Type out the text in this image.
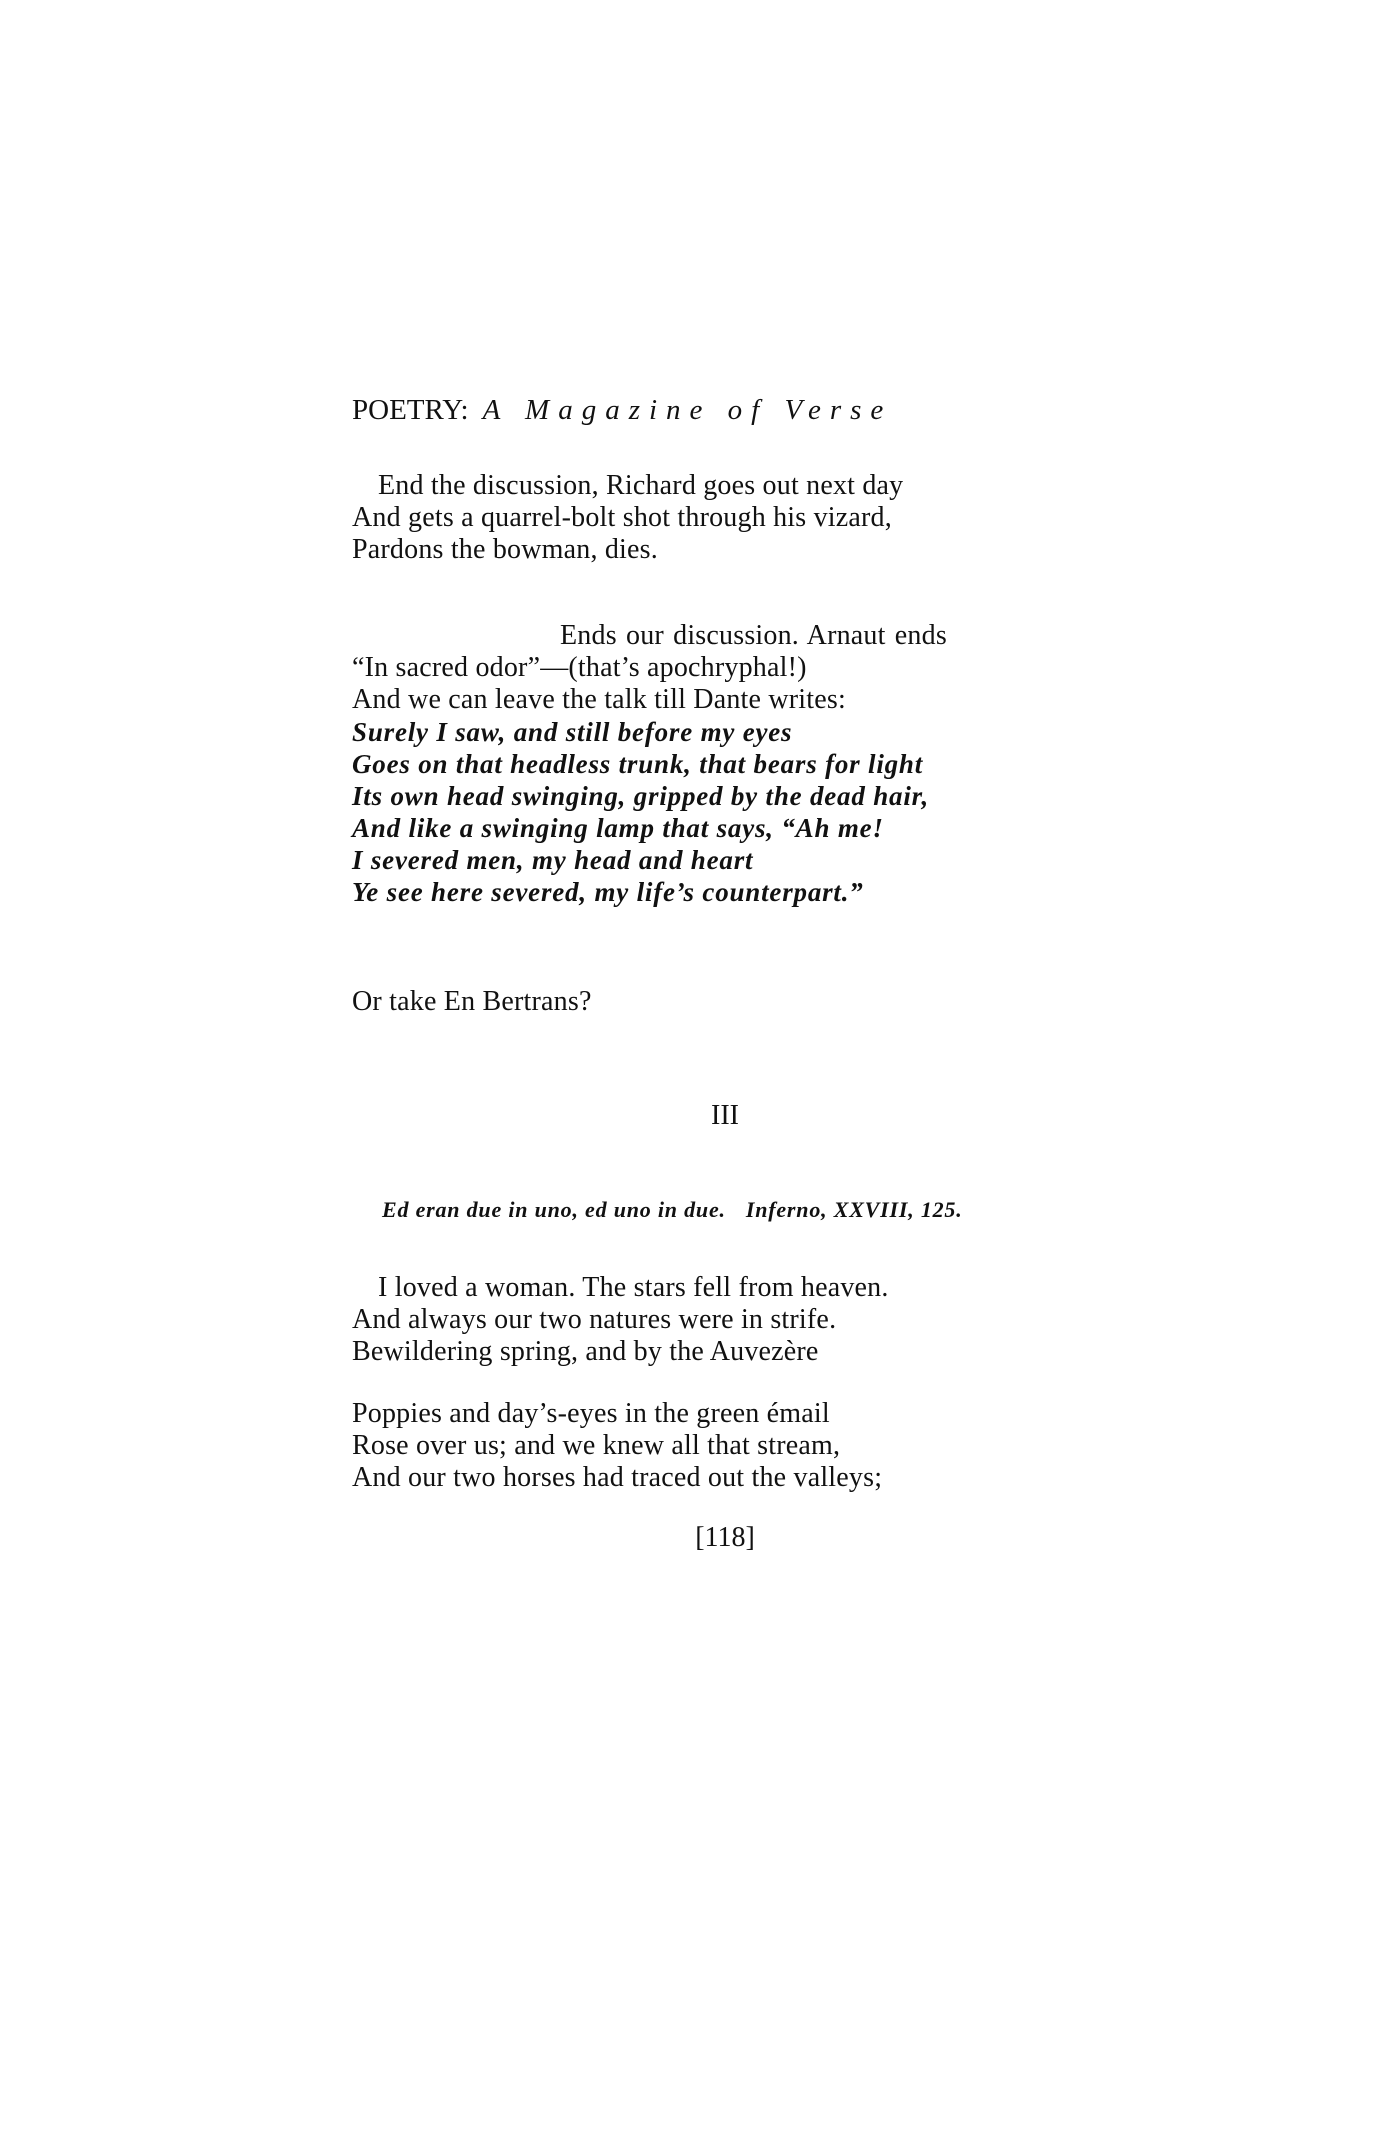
POETRY: A Magazine of Verse
End the discussion, Richard goes out next day
And gets a quarrel-bolt shot through his vizard,
Pardons the bowman, dies.
Ends our discussion. Arnaut ends
“In sacred odor”—(that’s apochryphal!)
And we can leave the talk till Dante writes:
Surely I saw, and still before my eyes
Goes on that headless trunk, that bears for light
Its own head swinging, gripped by the dead hair,
And like a swinging lamp that says, “Ah me!
I severed men, my head and heart
Ye see here severed, my life’s counterpart.”
Or take En Bertrans?
III
Ed eran due in uno, ed uno in due. Inferno, XXVIII, 125.
I loved a woman. The stars fell from heaven.
And always our two natures were in strife.
Bewildering spring, and by the Auvezère
Poppies and day’s-eyes in the green émail
Rose over us; and we knew all that stream,
And our two horses had traced out the valleys;
[118]
